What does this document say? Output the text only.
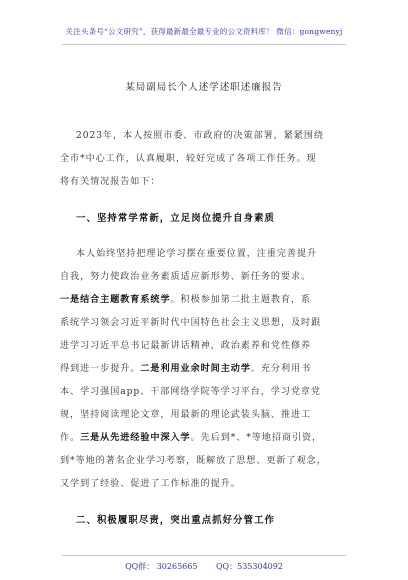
关注头条号“公文研究”，获得最新最全最专业的公文资料库！ 微信：gongwenyj
某局副局长个人述学述职述廉报告
2023年，本人按照市委、市政府的决策部署，紧紧围绕
全市*中心工作，认真履职，较好完成了各项工作任务。现
将有关情况报告如下：
一、坚持常学常新，立足岗位提升自身素质
本人始终坚持把理论学习摆在重要位置，注重完善提升
自我，努力使政治业务素质适应新形势、新任务的要求。
一是结合主题教育系统学。积极参加第二批主题教育，系
系统学习领会习近平新时代中国特色社会主义思想，及时跟
进学习习近平总书记最新讲话精神，政治素养和党性修养
得到进一步提升。二是利用业余时间主动学。充分利用书
本、学习强国app、干部网络学院等学习平台，学习党章党
规，坚持阅读理论文章，用最新的理论武装头脑、推进工
作。三是从先进经验中深入学。先后到*、*等地招商引资，
到*等地的著名企业学习考察，既解放了思想、更新了观念，
又学到了经验、促进了工作标准的提升。
二、积极履职尽责，突出重点抓好分管工作
QQ群： 30265665 QQ：535304092
